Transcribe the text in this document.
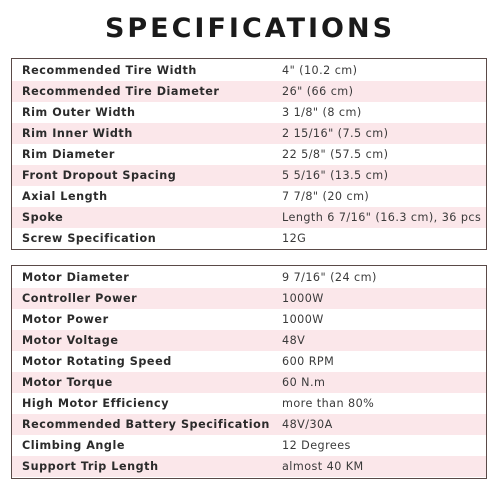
SPECIFICATIONS
Recommended Tire Width	4" (10.2 cm)
Recommended Tire Diameter	26" (66 cm)
Rim Outer Width	3 1/8" (8 cm)
Rim Inner Width	2 15/16" (7.5 cm)
Rim Diameter	22 5/8" (57.5 cm)
Front Dropout Spacing	5 5/16" (13.5 cm)
Axial Length	7 7/8" (20 cm)
Spoke	Length 6 7/16" (16.3 cm), 36 pcs
Screw Specification	12G
Motor Diameter	9 7/16" (24 cm)
Controller Power	1000W
Motor Power	1000W
Motor Voltage	48V
Motor Rotating Speed	600 RPM
Motor Torque	60 N.m
High Motor Efficiency	more than 80%
Recommended Battery Specification 48V/30A
Climbing Angle	12 Degrees
Support Trip Length	almost 40 KM
